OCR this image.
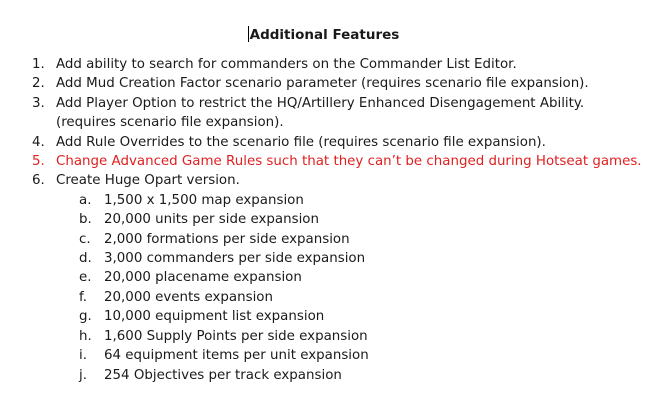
Additional Features
1. Add ability to search for commanders on the Commander List Editor.
2. Add Mud Creation Factor scenario parameter (requires scenario file expansion).
3. Add Player Option to restrict the HQ/Artillery Enhanced Disengagement Ability.
(requires scenario file expansion).
4. Add Rule Overrides to the scenario file (requires scenario file expansion).
5. Change Advanced Game Rules such that they can’t be changed during Hotseat games.
6. Create Huge Opart version.
a. 1,500 x 1,500 map expansion
b. 20,000 units per side expansion
c. 2,000 formations per side expansion
d. 3,000 commanders per side expansion
e. 20,000 placename expansion
f. 20,000 events expansion
g. 10,000 equipment list expansion
h. 1,600 Supply Points per side expansion
i. 64 equipment items per unit expansion
j. 254 Objectives per track expansion
